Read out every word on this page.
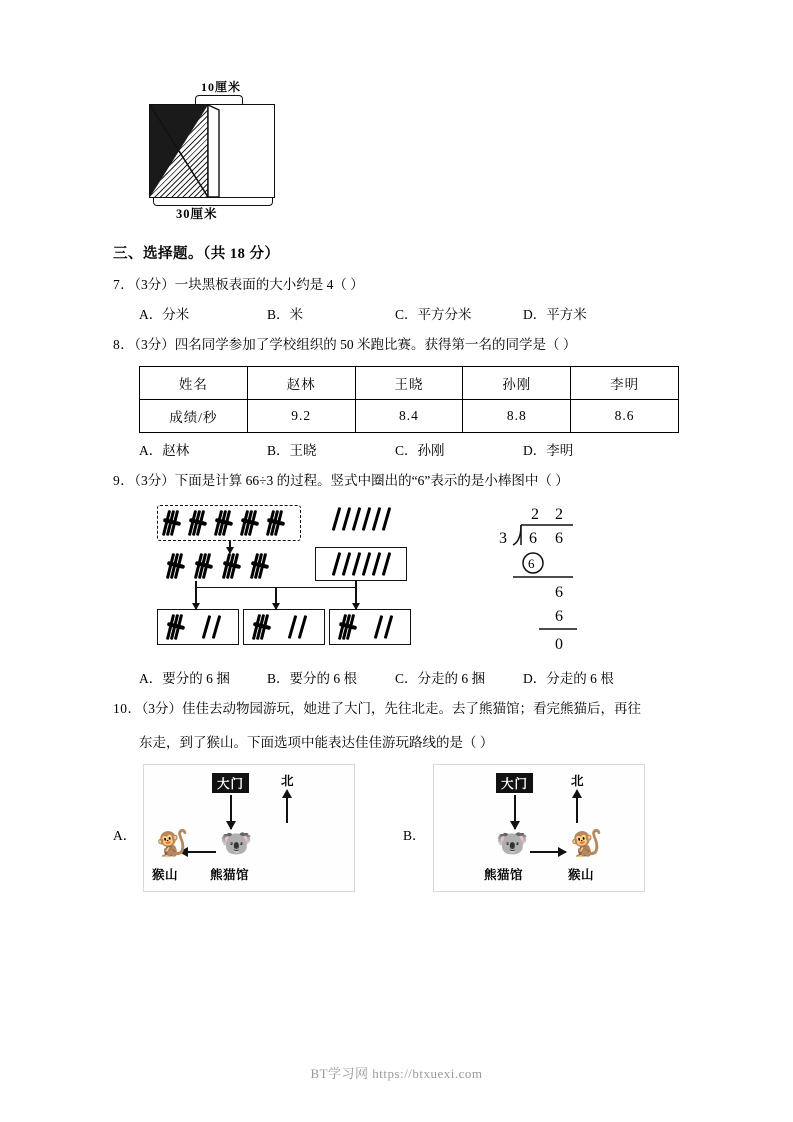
10厘米
30厘米
三、选择题。（共 18 分）
7．（3分）一块黑板表面的大小约是 4（ ）
A．分米	B．米	C．平方分米	D．平方米
8．（3分）四名同学参加了学校组织的 50 米跑比赛。获得第一名的同学是（ ）
姓名	赵林	王晓	孙刚	李明
成绩/秒	9.2	8.4	8.8	8.6
A．赵林	B．王晓	C．孙刚	D．李明
9．（3分）下面是计算 66÷3 的过程。竖式中圈出的“6”表示的是小棒图中（ ）
2 2
3 6 6
6
6
6
0
A．要分的 6 捆	B．要分的 6 根	C．分走的 6 捆	D．分走的 6 根
10．（3分）佳佳去动物园游玩，她进了大门，先往北走。去了熊猫馆；看完熊猫后，再往
东走，到了猴山。下面选项中能表达佳佳游玩路线的是（ ）
A．
大门	北
🐒 🐨
猴山	熊猫馆
B．
大门	北
🐨 🐒
熊猫馆	猴山
BT学习网 https://btxuexi.com
